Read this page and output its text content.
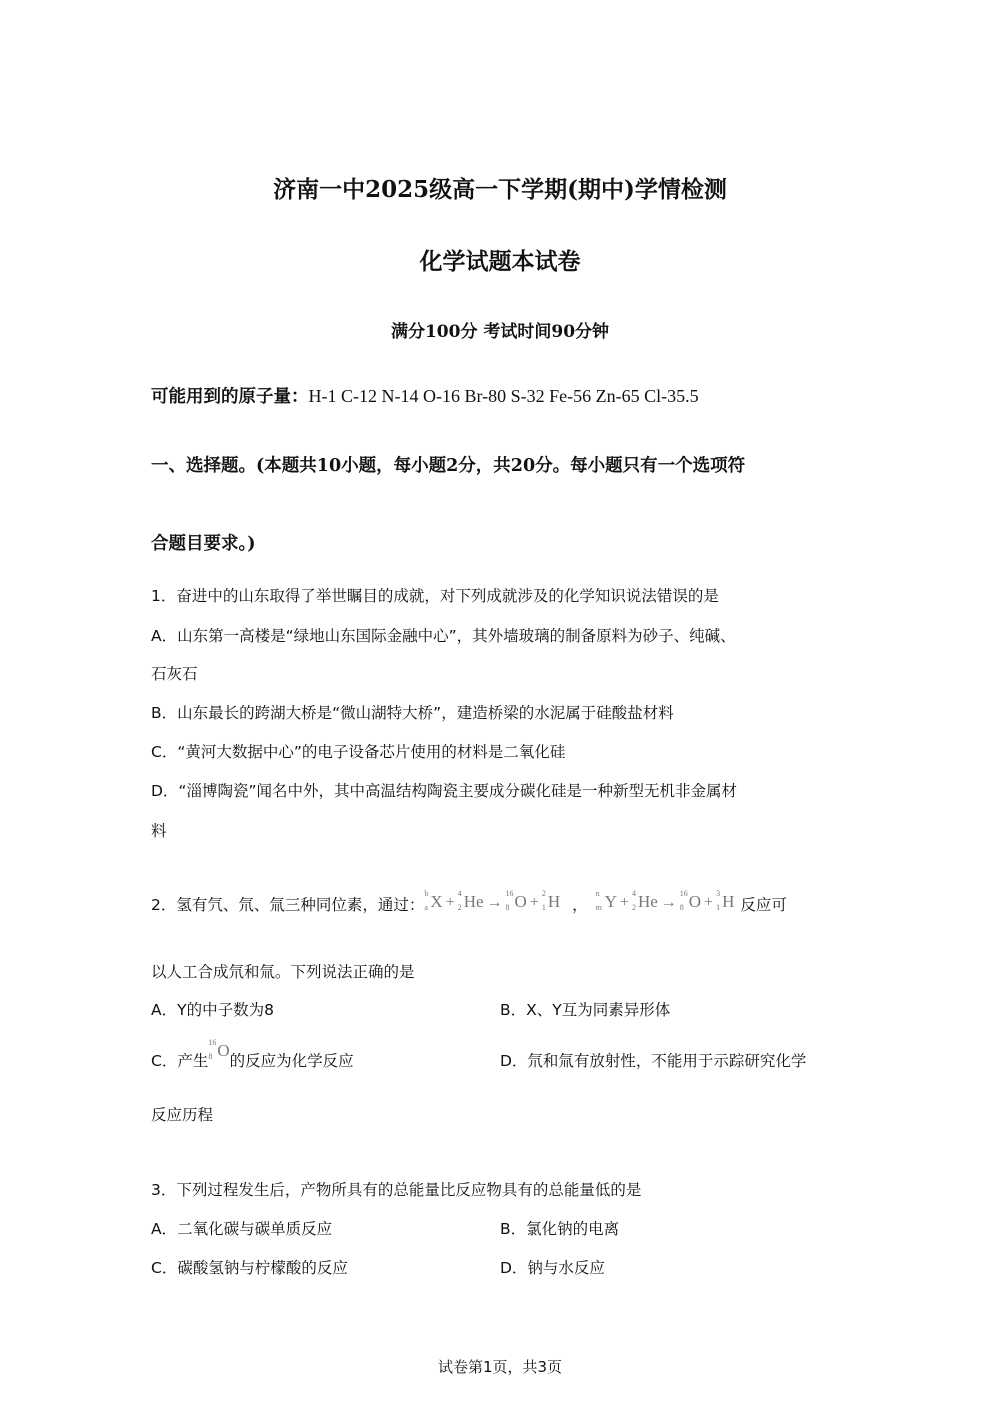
济南一中2025级高一下学期(期中)学情检测
化学试题本试卷
满分100分 考试时间90分钟
可能用到的原子量：H-1 C-12 N-14 O-16 Br-80 S-32 Fe-56 Zn-65 Cl-35.5
一、选择题。(本题共10小题，每小题2分，共20分。每小题只有一个选项符
合题目要求。)
1．奋进中的山东取得了举世瞩目的成就，对下列成就涉及的化学知识说法错误的是
A．山东第一高楼是“绿地山东国际金融中心”，其外墙玻璃的制备原料为砂子、纯碱、
石灰石
B．山东最长的跨湖大桥是“微山湖特大桥”，建造桥梁的水泥属于硅酸盐材料
C．“黄河大数据中心”的电子设备芯片使用的材料是二氧化硅
D．“淄博陶瓷”闻名中外，其中高温结构陶瓷主要成分碳化硅是一种新型无机非金属材
料
2．氢有氕、氘、氚三种同位素，通过：
b
a X +
4
2 He →
16
8 O +
2
1 H ，
n
m Y +
4
2 He →
16
8 O +
3
1 H 反应可
以人工合成氘和氚。下列说法正确的是
A．Y的中子数为8	B．X、Y互为同素异形体
C．产生
16
8 O的反应为化学反应	D．氘和氚有放射性，不能用于示踪研究化学
反应历程
3．下列过程发生后，产物所具有的总能量比反应物具有的总能量低的是
A．二氧化碳与碳单质反应	B．氯化钠的电离
C．碳酸氢钠与柠檬酸的反应	D．钠与水反应
试卷第1页，共3页
